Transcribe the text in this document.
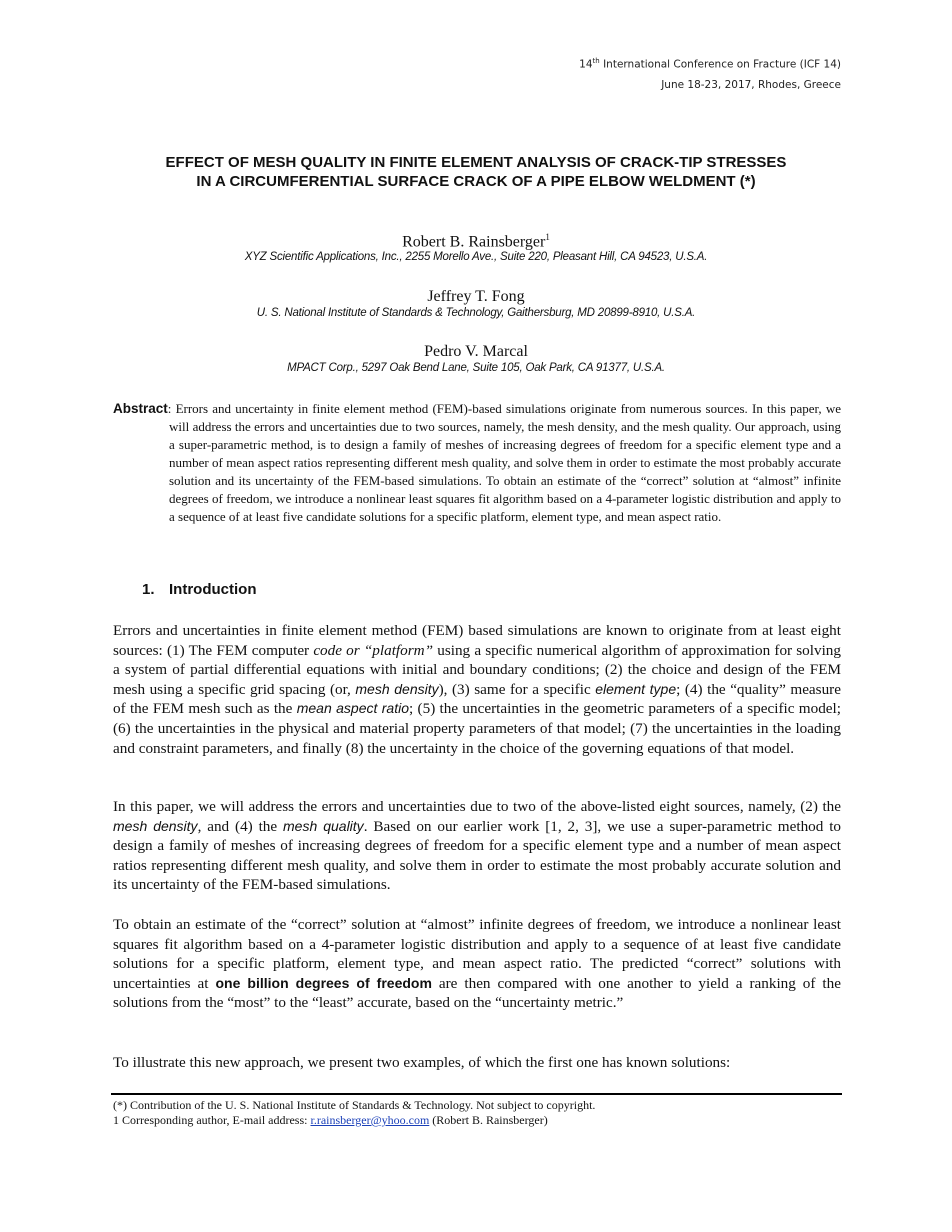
14th International Conference on Fracture (ICF 14)
June 18-23, 2017, Rhodes, Greece
EFFECT OF MESH QUALITY IN FINITE ELEMENT ANALYSIS OF CRACK-TIP STRESSES
IN A CIRCUMFERENTIAL SURFACE CRACK OF A PIPE ELBOW WELDMENT (*)
Robert B. Rainsberger$^1$
XYZ Scientific Applications, Inc., 2255 Morello Ave., Suite 220, Pleasant Hill, CA 94523, U.S.A.
Jeffrey T. Fong
U. S. National Institute of Standards & Technology, Gaithersburg, MD 20899-8910, U.S.A.
Pedro V. Marcal
MPACT Corp., 5297 Oak Bend Lane, Suite 105, Oak Park, CA 91377, U.S.A.
Abstract: Errors and uncertainty in finite element method (FEM)-based simulations originate from numerous sources. In this paper, we will address the errors and uncertainties due to two sources, namely, the mesh density, and the mesh quality. Our approach, using a super-parametric method, is to design a family of meshes of increasing degrees of freedom for a specific element type and a number of mean aspect ratios representing different mesh quality, and solve them in order to estimate the most probably accurate solution and its uncertainty of the FEM-based simulations. To obtain an estimate of the “correct” solution at “almost” infinite degrees of freedom, we introduce a nonlinear least squares fit algorithm based on a 4-parameter logistic distribution and apply to a sequence of at least five candidate solutions for a specific platform, element type, and mean aspect ratio.
1. Introduction

Errors and uncertainties in finite element method (FEM) based simulations are known to originate from at least eight sources: (1) The FEM computer code or “platform” using a specific numerical algorithm of approximation for solving a system of partial differential equations with initial and boundary conditions; (2) the choice and design of the FEM mesh using a specific grid spacing (or, mesh density), (3) same for a specific element type; (4) the “quality” measure of the FEM mesh such as the mean aspect ratio; (5) the uncertainties in the geometric parameters of a specific model; (6) the uncertainties in the physical and material property parameters of that model; (7) the uncertainties in the loading and constraint parameters, and finally (8) the uncertainty in the choice of the governing equations of that model.

In this paper, we will address the errors and uncertainties due to two of the above-listed eight sources, namely, (2) the mesh density, and (4) the mesh quality. Based on our earlier work [1, 2, 3], we use a super-parametric method to design a family of meshes of increasing degrees of freedom for a specific element type and a number of mean aspect ratios representing different mesh quality, and solve them in order to estimate the most probably accurate solution and its uncertainty of the FEM-based simulations.

To obtain an estimate of the “correct” solution at “almost” infinite degrees of freedom, we introduce a nonlinear least squares fit algorithm based on a 4-parameter logistic distribution and apply to a sequence of at least five candidate solutions for a specific platform, element type, and mean aspect ratio. The predicted “correct” solutions with uncertainties at one billion degrees of freedom are then compared with one another to yield a ranking of the solutions from the “most” to the “least” accurate, based on the “uncertainty metric.”

To illustrate this new approach, we present two examples, of which the first one has known solutions:

(*) Contribution of the U. S. National Institute of Standards & Technology. Not subject to copyright.
1 Corresponding author, E-mail address: r.rainsberger@yhoo.com (Robert B. Rainsberger)
